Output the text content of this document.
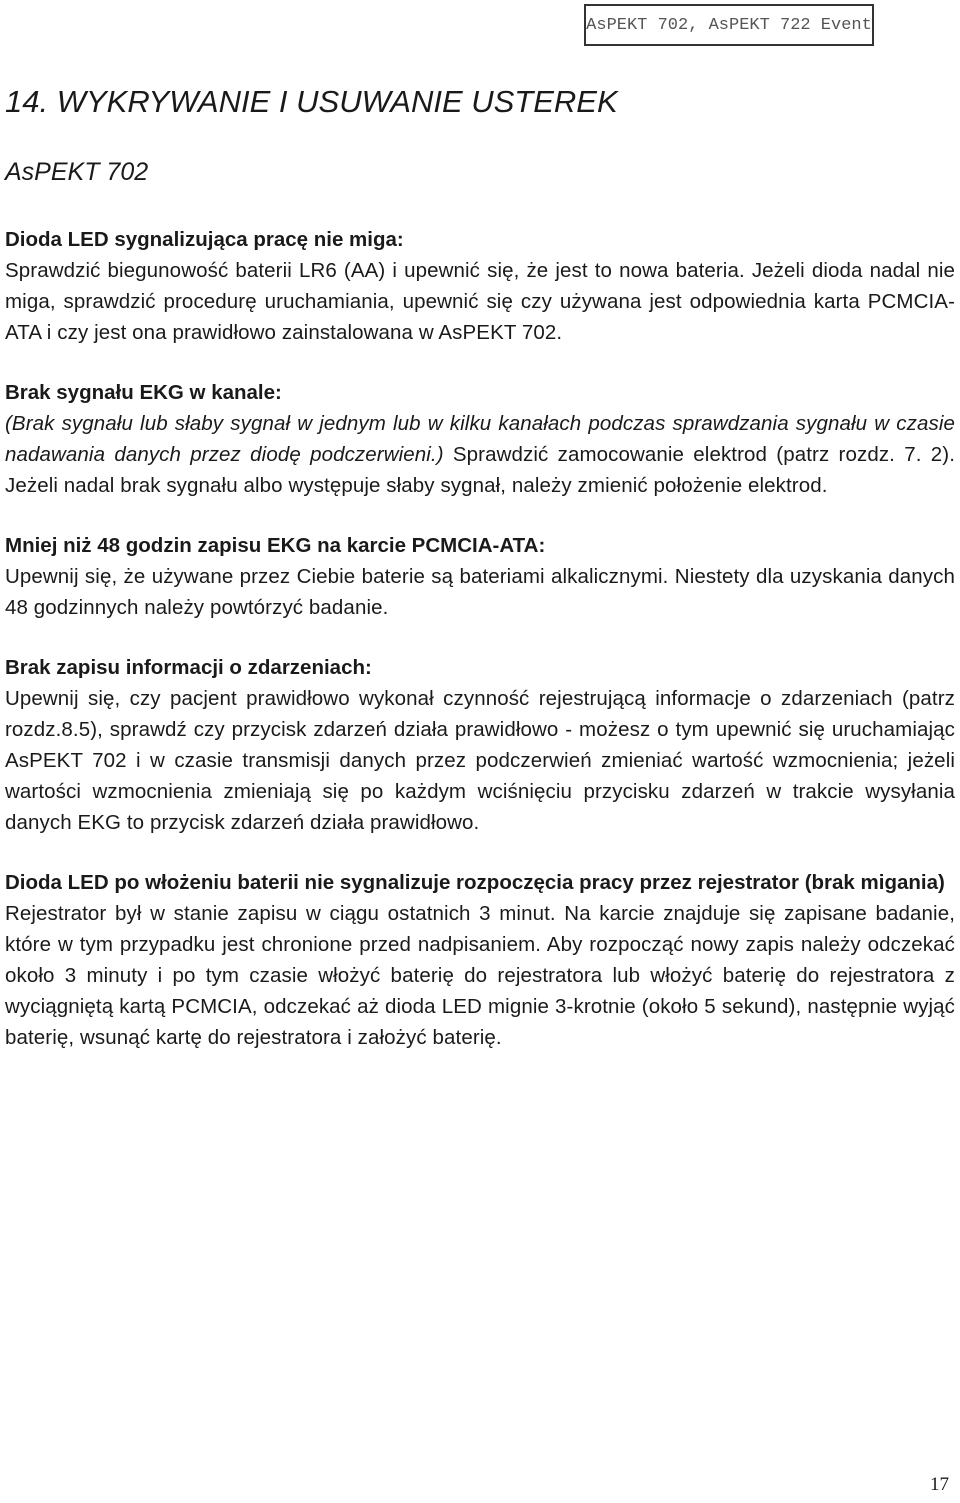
AsPEKT 702, AsPEKT 722 Event
14. WYKRYWANIE I USUWANIE USTEREK
AsPEKT 702
Dioda LED sygnalizująca pracę nie miga:

Sprawdzić biegunowość baterii LR6 (AA) i upewnić się, że jest to nowa bateria. Jeżeli dioda nadal nie miga, sprawdzić procedurę uruchamiania, upewnić się czy używana jest odpowiednia karta PCMCIA-ATA i czy jest ona prawidłowo zainstalowana w AsPEKT 702.

Brak sygnału EKG w kanale:

(Brak sygnału lub słaby sygnał w jednym lub w kilku kanałach podczas sprawdzania sygnału w czasie nadawania danych przez diodę podczerwieni.) Sprawdzić zamocowanie elektrod (patrz rozdz. 7. 2). Jeżeli nadal brak sygnału albo występuje słaby sygnał, należy zmienić położenie elektrod.

Mniej niż 48 godzin zapisu EKG na karcie PCMCIA-ATA:

Upewnij się, że używane przez Ciebie baterie są bateriami alkalicznymi. Niestety dla uzyskania danych 48 godzinnych należy powtórzyć badanie.

Brak zapisu informacji o zdarzeniach:

Upewnij się, czy pacjent prawidłowo wykonał czynność rejestrującą informacje o zdarzeniach (patrz rozdz.8.5), sprawdź czy przycisk zdarzeń działa prawidłowo - możesz o tym upewnić się uruchamiając AsPEKT 702 i w czasie transmisji danych przez podczerwień zmieniać wartość wzmocnienia; jeżeli wartości wzmocnienia zmieniają się po każdym wciśnięciu przycisku zdarzeń w trakcie wysyłania danych EKG to przycisk zdarzeń działa prawidłowo.

Dioda LED po włożeniu baterii nie sygnalizuje rozpoczęcia pracy przez rejestrator (brak migania)

Rejestrator był w stanie zapisu w ciągu ostatnich 3 minut. Na karcie znajduje się zapisane badanie, które w tym przypadku jest chronione przed nadpisaniem. Aby rozpocząć nowy zapis należy odczekać około 3 minuty i po tym czasie włożyć baterię do rejestratora lub włożyć baterię do rejestratora z wyciągniętą kartą PCMCIA, odczekać aż dioda LED mignie 3-krotnie (około 5 sekund), następnie wyjąć baterię, wsunąć kartę do rejestratora i założyć baterię.

17
